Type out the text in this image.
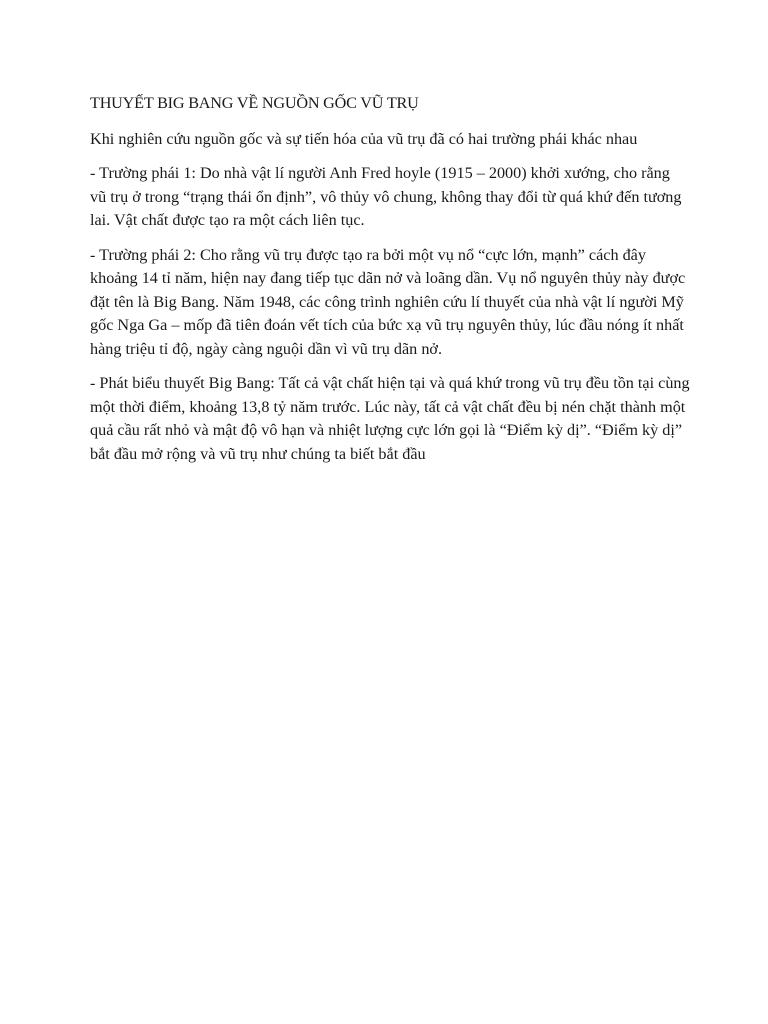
THUYẾT BIG BANG VỀ NGUỒN GỐC VŨ TRỤ

Khi nghiên cứu nguồn gốc và sự tiến hóa của vũ trụ đã có hai trường phái khác nhau

- Trường phái 1: Do nhà vật lí người Anh Fred hoyle (1915 – 2000) khởi xướng, cho rằng vũ trụ ở trong “trạng thái ổn định”, vô thủy vô chung, không thay đổi từ quá khứ đến tương lai. Vật chất được tạo ra một cách liên tục.

- Trường phái 2: Cho rằng vũ trụ được tạo ra bởi một vụ nổ “cực lớn, mạnh” cách đây khoảng 14 tỉ năm, hiện nay đang tiếp tục dãn nở và loãng dần. Vụ nổ nguyên thủy này được đặt tên là Big Bang. Năm 1948, các công trình nghiên cứu lí thuyết của nhà vật lí người Mỹ gốc Nga Ga – mốp đã tiên đoán vết tích của bức xạ vũ trụ nguyên thủy, lúc đầu nóng ít nhất hàng triệu tỉ độ, ngày càng nguội dần vì vũ trụ dãn nở.

- Phát biểu thuyết Big Bang: Tất cả vật chất hiện tại và quá khứ trong vũ trụ đều tồn tại cùng một thời điểm, khoảng 13,8 tỷ năm trước. Lúc này, tất cả vật chất đều bị nén chặt thành một quả cầu rất nhỏ và mật độ vô hạn và nhiệt lượng cực lớn gọi là “Điểm kỳ dị”. “Điểm kỳ dị” bắt đầu mở rộng và vũ trụ như chúng ta biết bắt đầu
